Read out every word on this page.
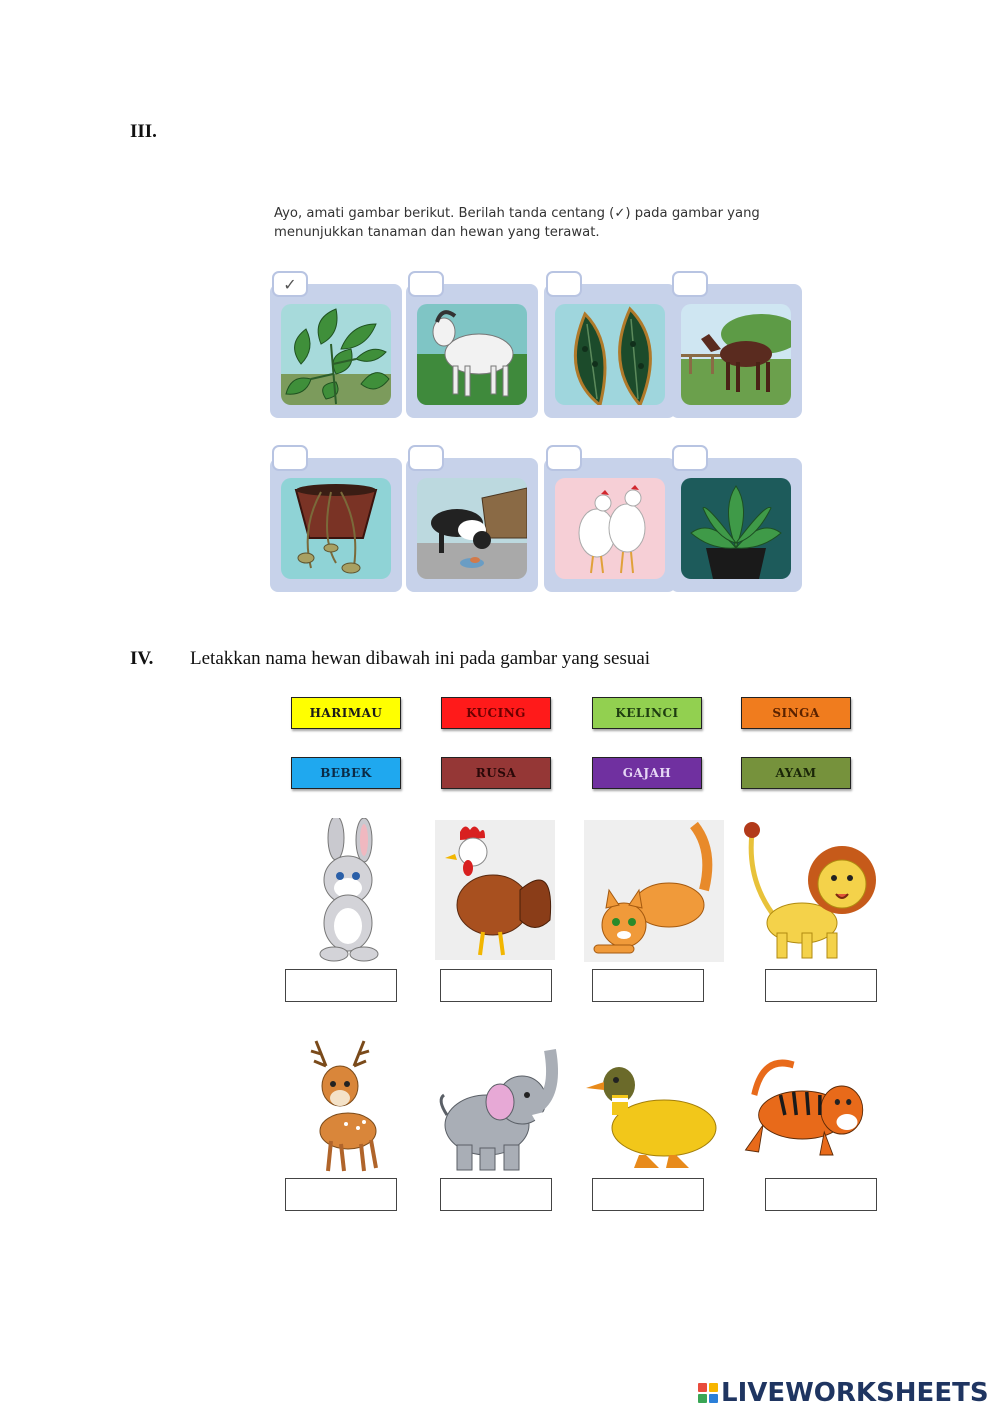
III.
Ayo, amati gambar berikut. Berilah tanda centang (✓) pada gambar yang
menunjukkan tanaman dan hewan yang terawat.
✓
IV. Letakkan nama hewan dibawah ini pada gambar yang sesuai
HARIMAU	KUCING	KELINCI	SINGA
BEBEK	RUSA	GAJAH	AYAM
LIVEWORKSHEETS
